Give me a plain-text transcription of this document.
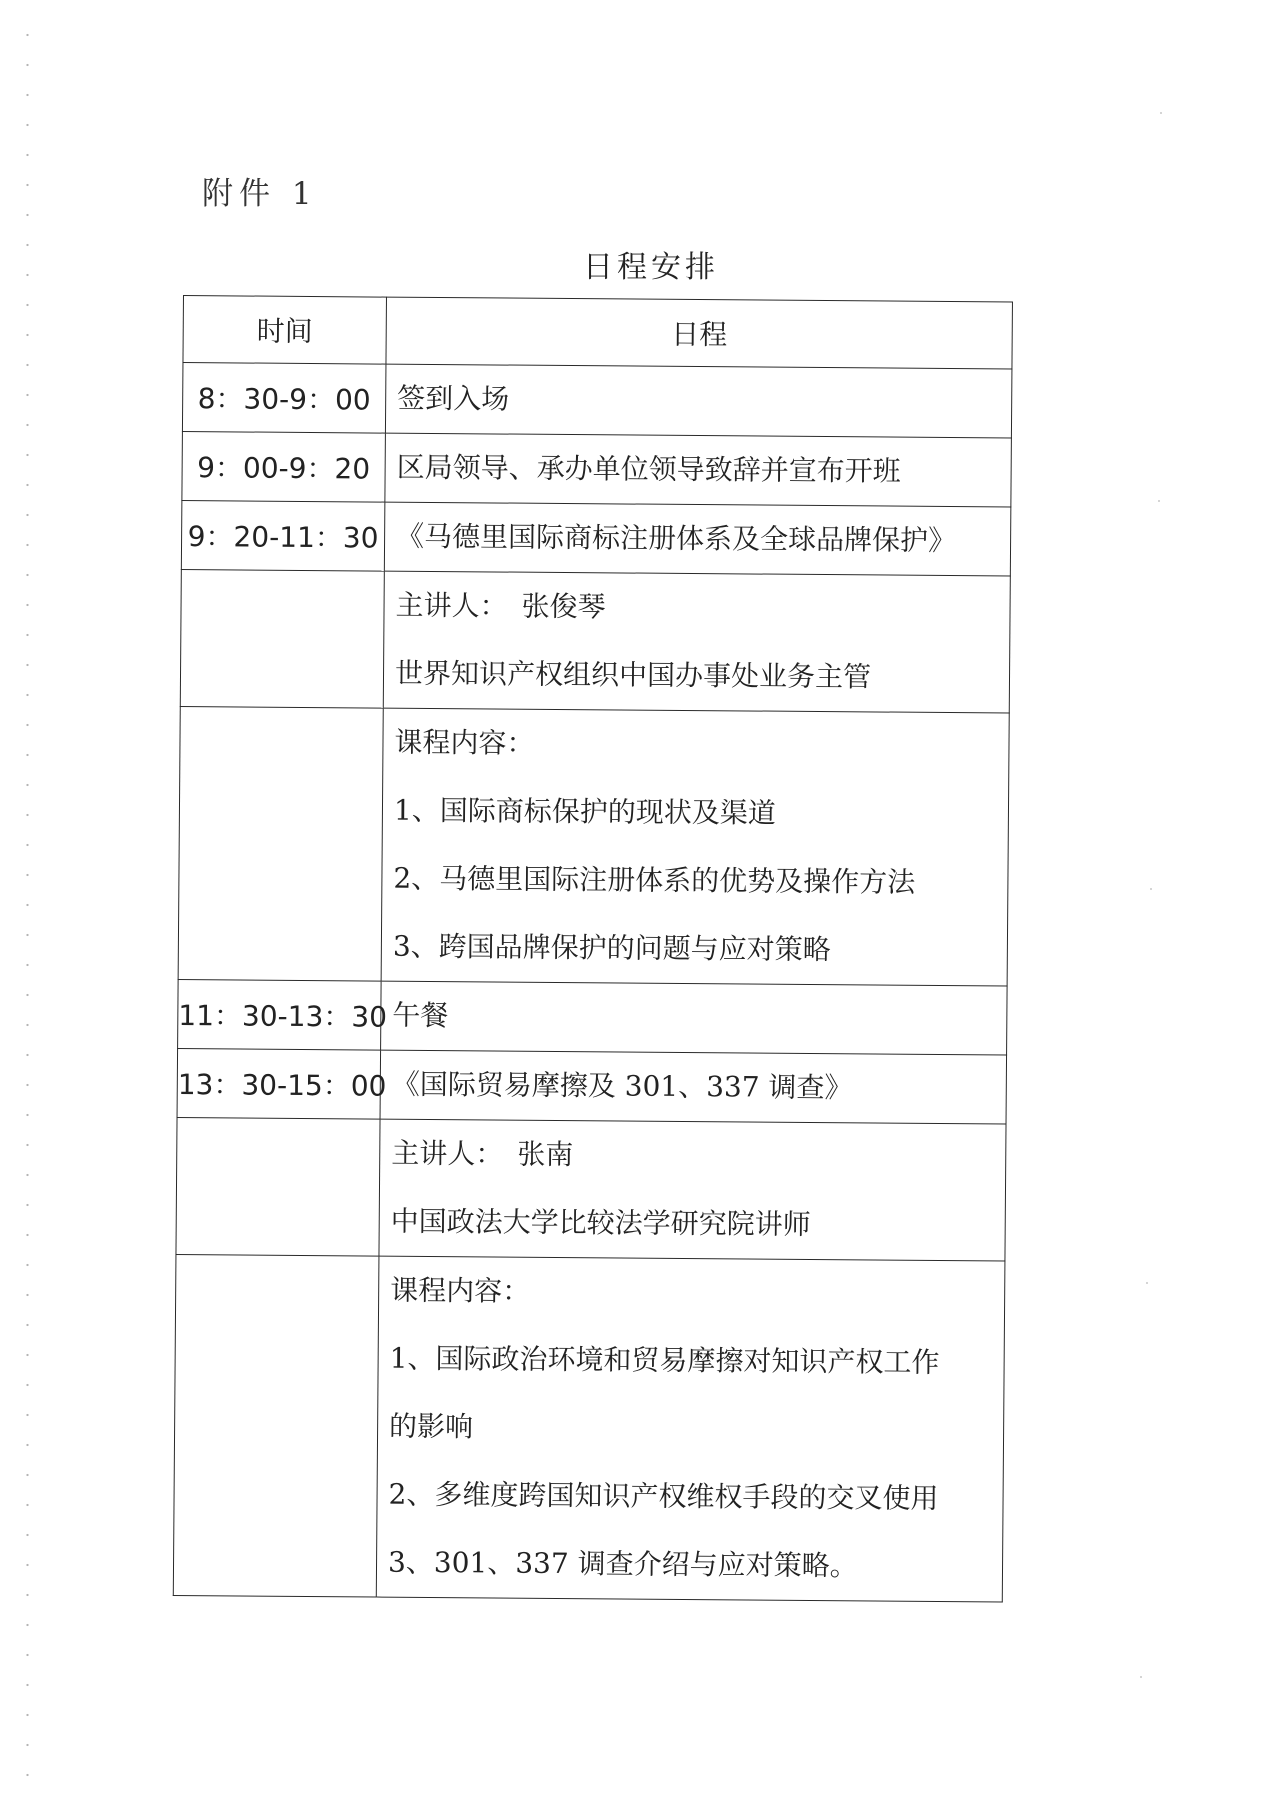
附件 1
日程安排
时间	日程
8：30-9：00	签到入场

9：00-9：20	区局领导、承办单位领导致辞并宣布开班

9：20-11：30	《马德里国际商标注册体系及全球品牌保护》

	主讲人：　张俊琴
世界知识产权组织中国办事处业务主管

	课程内容：
1、国际商标保护的现状及渠道
2、马德里国际注册体系的优势及操作方法
3、跨国品牌保护的问题与应对策略

11：30-13：30	午餐

13：30-15：00	《国际贸易摩擦及 301、337 调查》

	主讲人：　张南
中国政法大学比较法学研究院讲师

	课程内容：
1、国际政治环境和贸易摩擦对知识产权工作
的影响
2、多维度跨国知识产权维权手段的交叉使用
3、301、337 调查介绍与应对策略。
